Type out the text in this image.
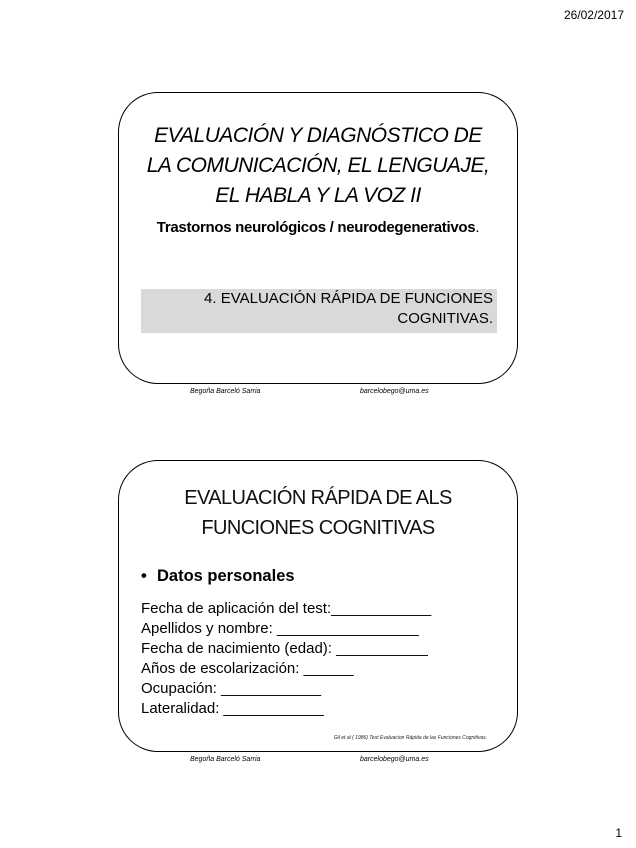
26/02/2017
EVALUACIÓN Y DIAGNÓSTICO DE
LA COMUNICACIÓN, EL LENGUAJE,
EL HABLA Y LA VOZ II
Trastornos neurológicos / neurodegenerativos.
4. EVALUACIÓN RÁPIDA DE FUNCIONES
COGNITIVAS.
Begoña Barceló Sarria	barcelobego@uma.es
EVALUACIÓN RÁPIDA DE ALS
FUNCIONES COGNITIVAS
• Datos personales
Fecha de aplicación del test:____________
Apellidos y nombre: _________________
Fecha de nacimiento (edad): ___________
Años de escolarización: ______
Ocupación: ____________
Lateralidad: ____________
Gil et al ( 1986) Test Evaluacion Rápida de las Funciones Cognitivas.
Begoña Barceló Sarria	barcelobego@uma.es
1
